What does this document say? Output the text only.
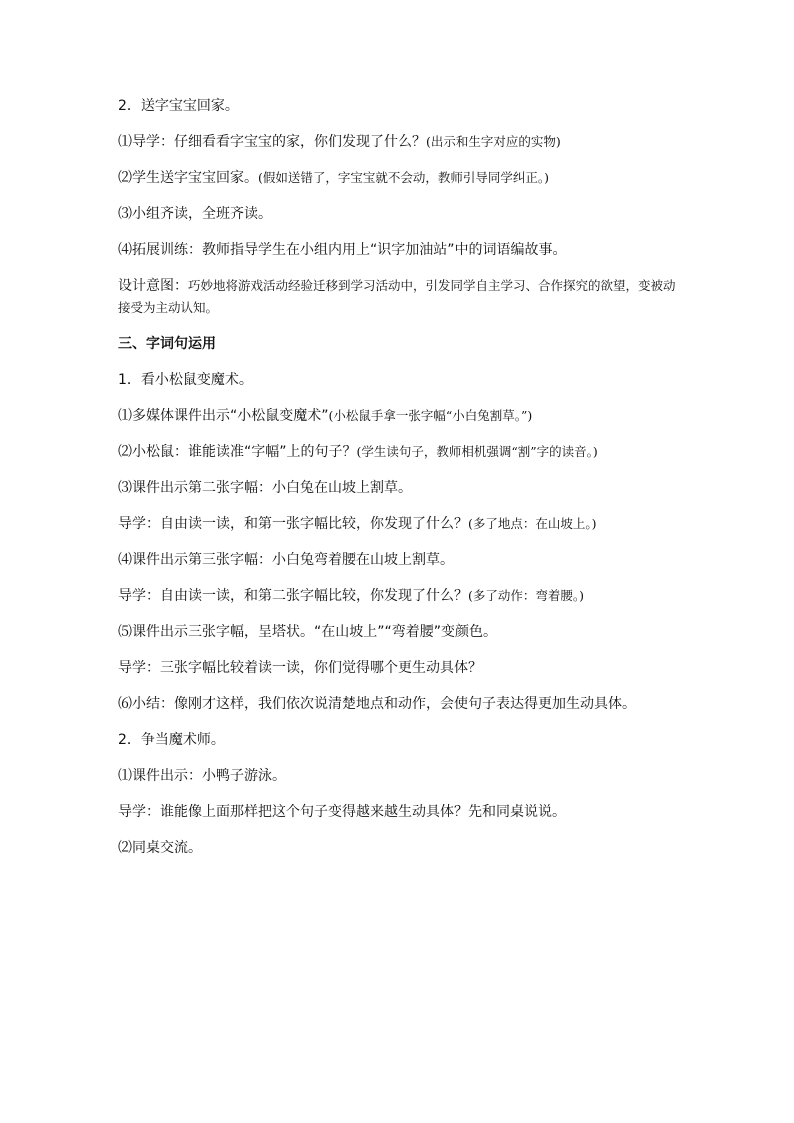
2．送字宝宝回家。

⑴导学：仔细看看字宝宝的家，你们发现了什么？(出示和生字对应的实物)

⑵学生送字宝宝回家。(假如送错了，字宝宝就不会动，教师引导同学纠正。)

⑶小组齐读，全班齐读。

⑷拓展训练：教师指导学生在小组内用上“识字加油站”中的词语编故事。

设计意图：巧妙地将游戏活动经验迁移到学习活动中，引发同学自主学习、合作探究的欲望，变被动接受为主动认知。

三、字词句运用

1．看小松鼠变魔术。

⑴多媒体课件出示“小松鼠变魔术”(小松鼠手拿一张字幅“小白兔割草。”)

⑵小松鼠：谁能读准“字幅”上的句子？(学生读句子，教师相机强调“割”字的读音。)

⑶课件出示第二张字幅：小白兔在山坡上割草。

导学：自由读一读，和第一张字幅比较，你发现了什么？(多了地点：在山坡上。)

⑷课件出示第三张字幅：小白兔弯着腰在山坡上割草。

导学：自由读一读，和第二张字幅比较，你发现了什么？(多了动作：弯着腰。)

⑸课件出示三张字幅，呈塔状。“在山坡上”“弯着腰”变颜色。

导学：三张字幅比较着读一读，你们觉得哪个更生动具体？

⑹小结：像刚才这样，我们依次说清楚地点和动作，会使句子表达得更加生动具体。

2．争当魔术师。

⑴课件出示：小鸭子游泳。

导学：谁能像上面那样把这个句子变得越来越生动具体？先和同桌说说。

⑵同桌交流。
